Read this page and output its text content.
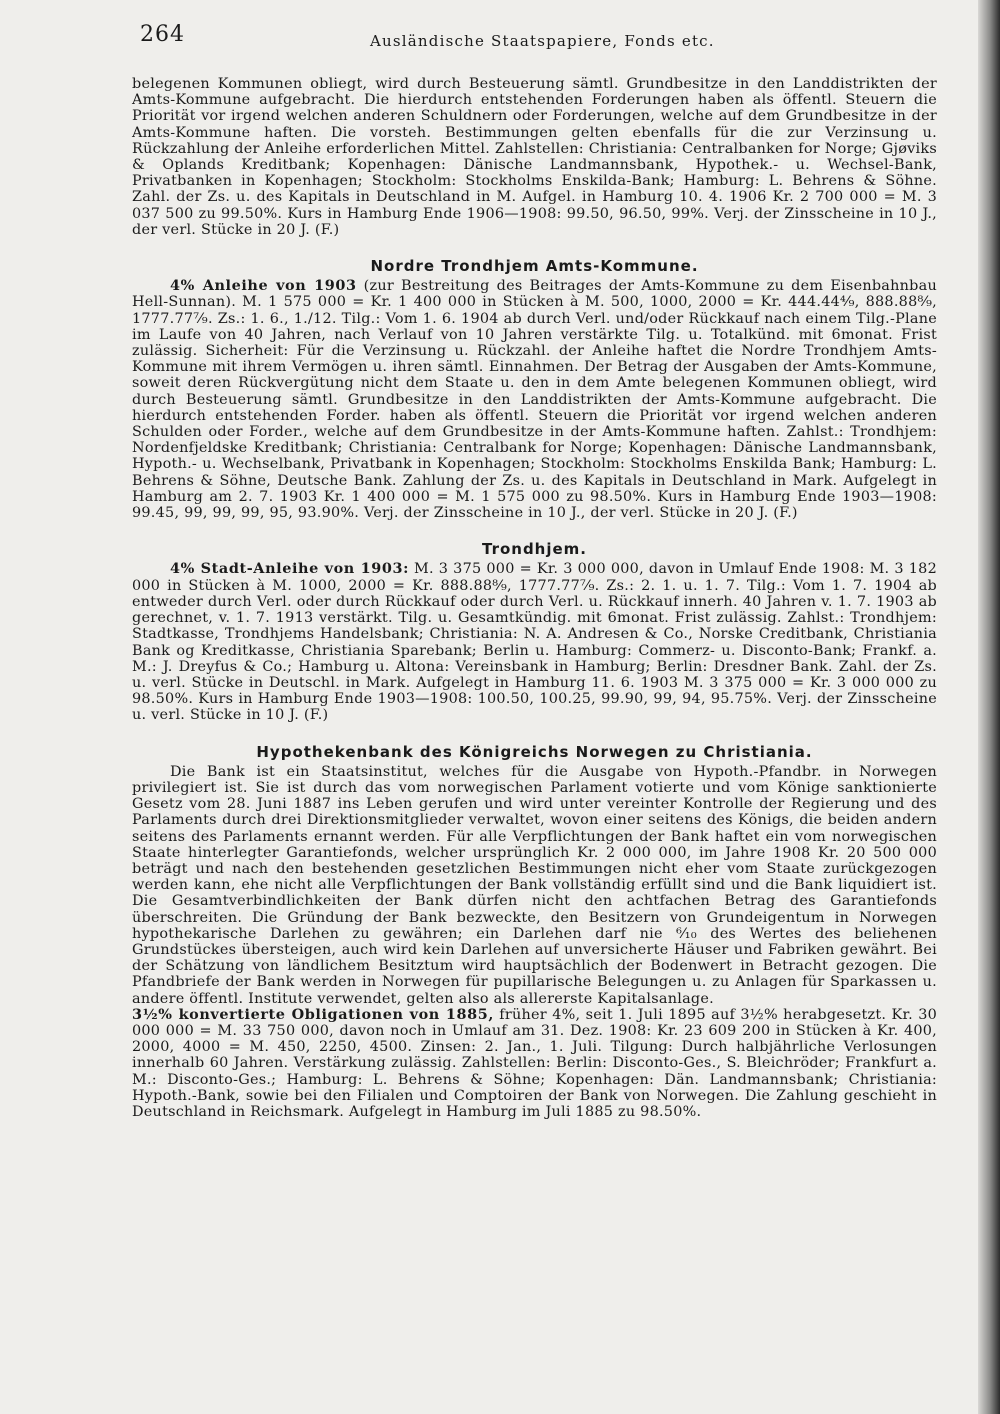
264	Ausländische Staatspapiere, Fonds etc.

belegenen Kommunen obliegt, wird durch Besteuerung sämtl. Grundbesitze in den Landdistrikten der Amts-Kommune aufgebracht. Die hierdurch entstehenden Forderungen haben als öffentl. Steuern die Priorität vor irgend welchen anderen Schuldnern oder Forderungen, welche auf dem Grundbesitze in der Amts-Kommune haften. Die vorsteh. Bestimmungen gelten ebenfalls für die zur Verzinsung u. Rückzahlung der Anleihe erforderlichen Mittel. Zahlstellen: Christiania: Centralbanken for Norge; Gjøviks & Oplands Kreditbank; Kopenhagen: Dänische Landmannsbank, Hypothek.- u. Wechsel-Bank, Privatbanken in Kopenhagen; Stockholm: Stockholms Enskilda-Bank; Hamburg: L. Behrens & Söhne. Zahl. der Zs. u. des Kapitals in Deutschland in M. Aufgel. in Hamburg 10. 4. 1906 Kr. 2 700 000 = M. 3 037 500 zu 99.50%. Kurs in Hamburg Ende 1906—1908: 99.50, 96.50, 99%. Verj. der Zinsscheine in 10 J., der verl. Stücke in 20 J. (F.)

Nordre Trondhjem Amts-Kommune.

4% Anleihe von 1903 (zur Bestreitung des Beitrages der Amts-Kommune zu dem Eisenbahnbau Hell-Sunnan). M. 1 575 000 = Kr. 1 400 000 in Stücken à M. 500, 1000, 2000 = Kr. 444.44⁴⁄₉, 888.88⁸⁄₉, 1777.77⁷⁄₉. Zs.: 1. 6., 1./12. Tilg.: Vom 1. 6. 1904 ab durch Verl. und/oder Rückkauf nach einem Tilg.-Plane im Laufe von 40 Jahren, nach Verlauf von 10 Jahren verstärkte Tilg. u. Totalkünd. mit 6monat. Frist zulässig. Sicherheit: Für die Verzinsung u. Rückzahl. der Anleihe haftet die Nordre Trondhjem Amts-Kommune mit ihrem Vermögen u. ihren sämtl. Einnahmen. Der Betrag der Ausgaben der Amts-Kommune, soweit deren Rückvergütung nicht dem Staate u. den in dem Amte belegenen Kommunen obliegt, wird durch Besteuerung sämtl. Grundbesitze in den Landdistrikten der Amts-Kommune aufgebracht. Die hierdurch entstehenden Forder. haben als öffentl. Steuern die Priorität vor irgend welchen anderen Schulden oder Forder., welche auf dem Grundbesitze in der Amts-Kommune haften. Zahlst.: Trondhjem: Nordenfjeldske Kreditbank; Christiania: Centralbank for Norge; Kopenhagen: Dänische Landmannsbank, Hypoth.- u. Wechselbank, Privatbank in Kopenhagen; Stockholm: Stockholms Enskilda Bank; Hamburg: L. Behrens & Söhne, Deutsche Bank. Zahlung der Zs. u. des Kapitals in Deutschland in Mark. Aufgelegt in Hamburg am 2. 7. 1903 Kr. 1 400 000 = M. 1 575 000 zu 98.50%. Kurs in Hamburg Ende 1903—1908: 99.45, 99, 99, 99, 95, 93.90%. Verj. der Zinsscheine in 10 J., der verl. Stücke in 20 J. (F.)

Trondhjem.

4% Stadt-Anleihe von 1903: M. 3 375 000 = Kr. 3 000 000, davon in Umlauf Ende 1908: M. 3 182 000 in Stücken à M. 1000, 2000 = Kr. 888.88⁸⁄₉, 1777.77⁷⁄₉. Zs.: 2. 1. u. 1. 7. Tilg.: Vom 1. 7. 1904 ab entweder durch Verl. oder durch Rückkauf oder durch Verl. u. Rückkauf innerh. 40 Jahren v. 1. 7. 1903 ab gerechnet, v. 1. 7. 1913 verstärkt. Tilg. u. Gesamtkündig. mit 6monat. Frist zulässig. Zahlst.: Trondhjem: Stadtkasse, Trondhjems Handelsbank; Christiania: N. A. Andresen & Co., Norske Creditbank, Christiania Bank og Kreditkasse, Christiania Sparebank; Berlin u. Hamburg: Commerz- u. Disconto-Bank; Frankf. a. M.: J. Dreyfus & Co.; Hamburg u. Altona: Vereinsbank in Hamburg; Berlin: Dresdner Bank. Zahl. der Zs. u. verl. Stücke in Deutschl. in Mark. Aufgelegt in Hamburg 11. 6. 1903 M. 3 375 000 = Kr. 3 000 000 zu 98.50%. Kurs in Hamburg Ende 1903—1908: 100.50, 100.25, 99.90, 99, 94, 95.75%. Verj. der Zinsscheine u. verl. Stücke in 10 J. (F.)

Hypothekenbank des Königreichs Norwegen zu Christiania.

Die Bank ist ein Staatsinstitut, welches für die Ausgabe von Hypoth.-Pfandbr. in Norwegen privilegiert ist. Sie ist durch das vom norwegischen Parlament votierte und vom Könige sanktionierte Gesetz vom 28. Juni 1887 ins Leben gerufen und wird unter vereinter Kontrolle der Regierung und des Parlaments durch drei Direktionsmitglieder verwaltet, wovon einer seitens des Königs, die beiden andern seitens des Parlaments ernannt werden. Für alle Verpflichtungen der Bank haftet ein vom norwegischen Staate hinterlegter Garantiefonds, welcher ursprünglich Kr. 2 000 000, im Jahre 1908 Kr. 20 500 000 beträgt und nach den bestehenden gesetzlichen Bestimmungen nicht eher vom Staate zurückgezogen werden kann, ehe nicht alle Verpflichtungen der Bank vollständig erfüllt sind und die Bank liquidiert ist. Die Gesamtverbindlichkeiten der Bank dürfen nicht den achtfachen Betrag des Garantiefonds überschreiten. Die Gründung der Bank bezweckte, den Besitzern von Grundeigentum in Norwegen hypothekarische Darlehen zu gewähren; ein Darlehen darf nie ⁶⁄₁₀ des Wertes des beliehenen Grundstückes übersteigen, auch wird kein Darlehen auf unversicherte Häuser und Fabriken gewährt. Bei der Schätzung von ländlichem Besitztum wird hauptsächlich der Bodenwert in Betracht gezogen. Die Pfandbriefe der Bank werden in Norwegen für pupillarische Belegungen u. zu Anlagen für Sparkassen u. andere öffentl. Institute verwendet, gelten also als allererste Kapitalsanlage.

3½% konvertierte Obligationen von 1885, früher 4%, seit 1. Juli 1895 auf 3½% herabgesetzt. Kr. 30 000 000 = M. 33 750 000, davon noch in Umlauf am 31. Dez. 1908: Kr. 23 609 200 in Stücken à Kr. 400, 2000, 4000 = M. 450, 2250, 4500. Zinsen: 2. Jan., 1. Juli. Tilgung: Durch halbjährliche Verlosungen innerhalb 60 Jahren. Verstärkung zulässig. Zahlstellen: Berlin: Disconto-Ges., S. Bleichröder; Frankfurt a. M.: Disconto-Ges.; Hamburg: L. Behrens & Söhne; Kopenhagen: Dän. Landmannsbank; Christiania: Hypoth.-Bank, sowie bei den Filialen und Comptoiren der Bank von Norwegen. Die Zahlung geschieht in Deutschland in Reichsmark. Aufgelegt in Hamburg im Juli 1885 zu 98.50%.
